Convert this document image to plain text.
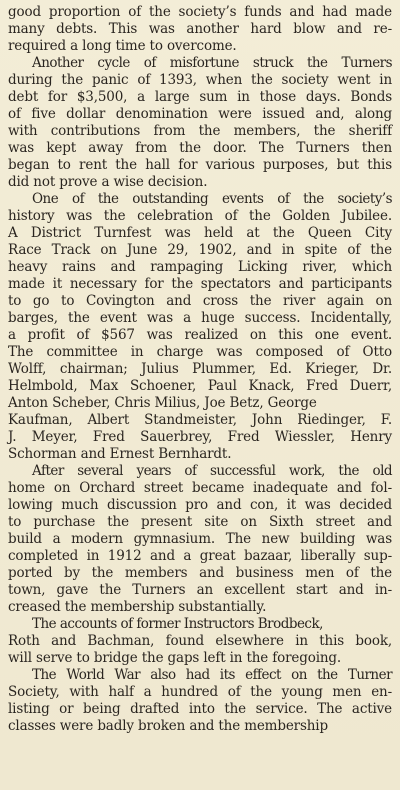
good proportion of the society’s funds and had made
many debts. This was another hard blow and re-
required a long time to overcome.
Another cycle of misfortune struck the Turners
during the panic of 1393, when the society went in
debt for $3,500, a large sum in those days. Bonds
of five dollar denomination were issued and, along
with contributions from the members, the sheriff
was kept away from the door. The Turners then
began to rent the hall for various purposes, but this
did not prove a wise decision.
One of the outstanding events of the society’s
history was the celebration of the Golden Jubilee.
A District Turnfest was held at the Queen City
Race Track on June 29, 1902, and in spite of the
heavy rains and rampaging Licking river, which
made it necessary for the spectators and participants
to go to Covington and cross the river again on
barges, the event was a huge success. Incidentally,
a profit of $567 was realized on this one event.
The committee in charge was composed of Otto
Wolff, chairman; Julius Plummer, Ed. Krieger, Dr.
Helmbold, Max Schoener, Paul Knack, Fred Duerr,
Anton Scheber, Chris Milius, Joe Betz, George
Kaufman, Albert Standmeister, John Riedinger, F.
J. Meyer, Fred Sauerbrey, Fred Wiessler, Henry
Schorman and Ernest Bernhardt.
After several years of successful work, the old
home on Orchard street became inadequate and fol-
lowing much discussion pro and con, it was decided
to purchase the present site on Sixth street and
build a modern gymnasium. The new building was
completed in 1912 and a great bazaar, liberally sup-
ported by the members and business men of the
town, gave the Turners an excellent start and in-
creased the membership substantially.
The accounts of former Instructors Brodbeck,
Roth and Bachman, found elsewhere in this book,
will serve to bridge the gaps left in the foregoing.
The World War also had its effect on the Turner
Society, with half a hundred of the young men en-
listing or being drafted into the service. The active
classes were badly broken and the membership
